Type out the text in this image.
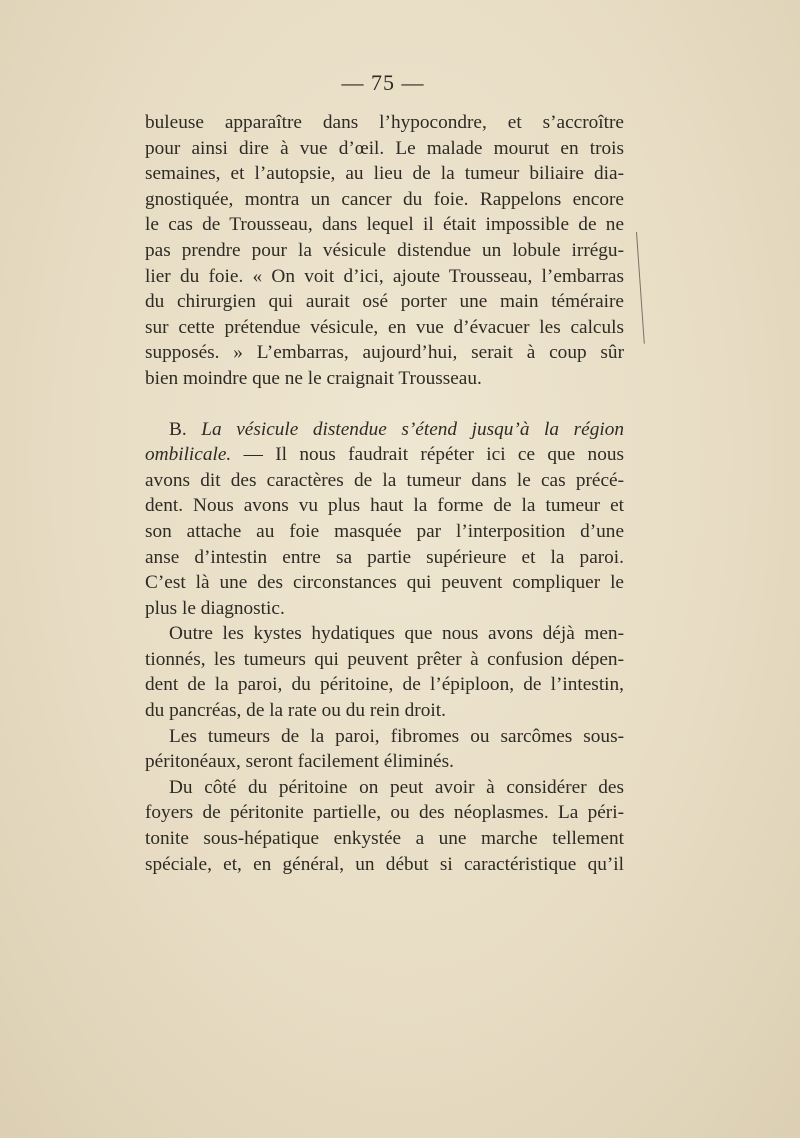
— 75 —

buleuse apparaître dans l’hypocondre, et s’accroître
pour ainsi dire à vue d’œil. Le malade mourut en trois
semaines, et l’autopsie, au lieu de la tumeur biliaire dia-
gnostiquée, montra un cancer du foie. Rappelons encore
le cas de Trousseau, dans lequel il était impossible de ne
pas prendre pour la vésicule distendue un lobule irrégu-
lier du foie. « On voit d’ici, ajoute Trousseau, l’embarras
du chirurgien qui aurait osé porter une main téméraire
sur cette prétendue vésicule, en vue d’évacuer les calculs
supposés. » L’embarras, aujourd’hui, serait à coup sûr
bien moindre que ne le craignait Trousseau.

B. La vésicule distendue s’étend jusqu’à la région
ombilicale. — Il nous faudrait répéter ici ce que nous
avons dit des caractères de la tumeur dans le cas précé-
dent. Nous avons vu plus haut la forme de la tumeur et
son attache au foie masquée par l’interposition d’une
anse d’intestin entre sa partie supérieure et la paroi.
C’est là une des circonstances qui peuvent compliquer le
plus le diagnostic.

Outre les kystes hydatiques que nous avons déjà men-
tionnés, les tumeurs qui peuvent prêter à confusion dépen-
dent de la paroi, du péritoine, de l’épiploon, de l’intestin,
du pancréas, de la rate ou du rein droit.

Les tumeurs de la paroi, fibromes ou sarcômes sous-
péritonéaux, seront facilement éliminés.

Du côté du péritoine on peut avoir à considérer des
foyers de péritonite partielle, ou des néoplasmes. La péri-
tonite sous-hépatique enkystée a une marche tellement
spéciale, et, en général, un début si caractéristique qu’il
